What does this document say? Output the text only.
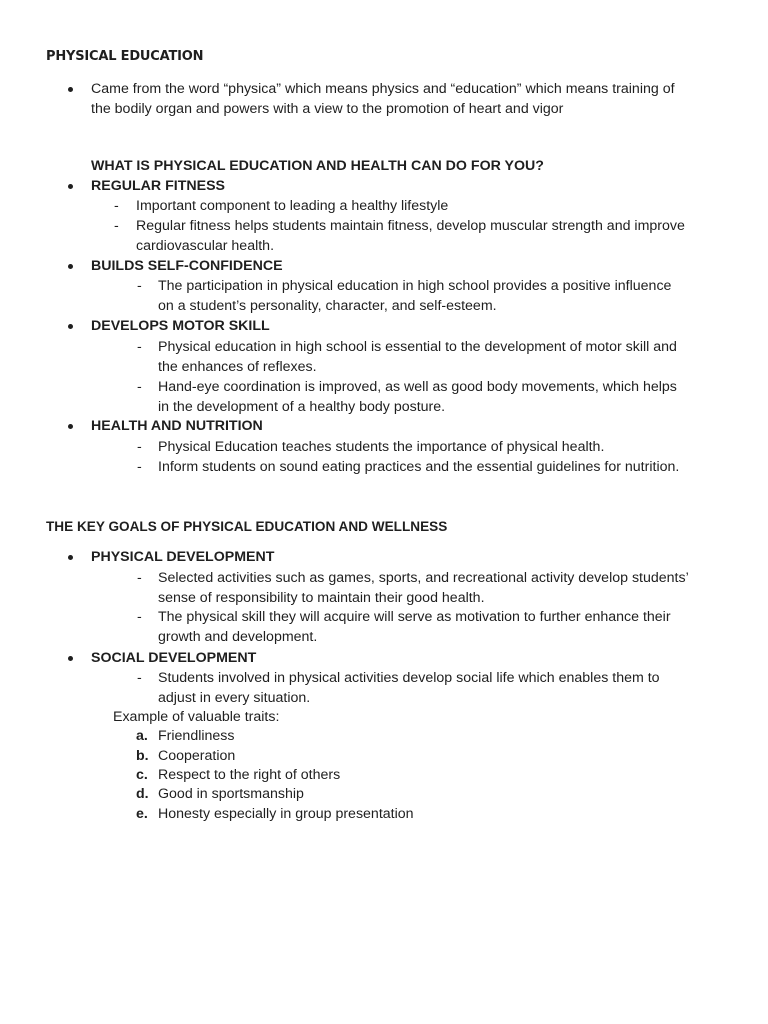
PHYSICAL EDUCATION
Came from the word “physica” which means physics and “education” which means training of
the bodily organ and powers with a view to the promotion of heart and vigor
WHAT IS PHYSICAL EDUCATION AND HEALTH CAN DO FOR YOU?
REGULAR FITNESS
- Important component to leading a healthy lifestyle
- Regular fitness helps students maintain fitness, develop muscular strength and improve
cardiovascular health.
BUILDS SELF-CONFIDENCE
- The participation in physical education in high school provides a positive influence
on a student’s personality, character, and self-esteem.
DEVELOPS MOTOR SKILL
- Physical education in high school is essential to the development of motor skill and
the enhances of reflexes.
- Hand-eye coordination is improved, as well as good body movements, which helps
in the development of a healthy body posture.
HEALTH AND NUTRITION
- Physical Education teaches students the importance of physical health.
- Inform students on sound eating practices and the essential guidelines for nutrition.
THE KEY GOALS OF PHYSICAL EDUCATION AND WELLNESS
PHYSICAL DEVELOPMENT
- Selected activities such as games, sports, and recreational activity develop students’
sense of responsibility to maintain their good health.
- The physical skill they will acquire will serve as motivation to further enhance their
growth and development.
SOCIAL DEVELOPMENT
- Students involved in physical activities develop social life which enables them to
adjust in every situation.
Example of valuable traits:
a. Friendliness
b. Cooperation
c. Respect to the right of others
d. Good in sportsmanship
e. Honesty especially in group presentation
